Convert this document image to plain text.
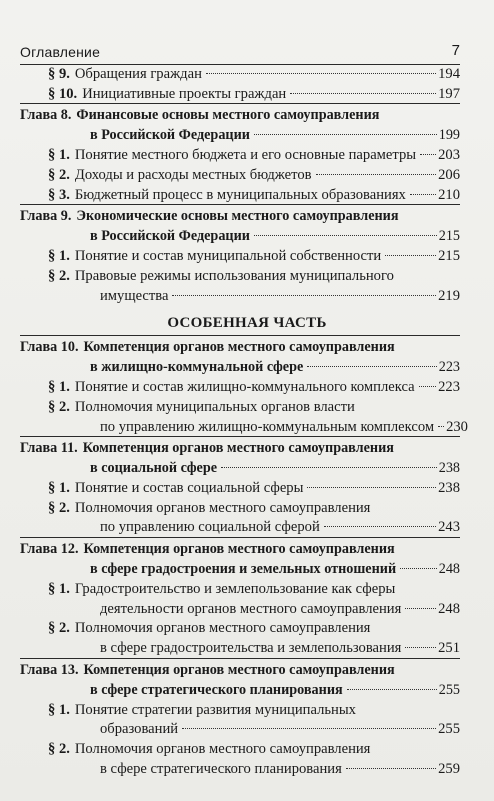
Оглавление	7
ОСОБЕННАЯ ЧАСТЬ
§ 9. Обращения граждан	194
§ 10. Инициативные проекты граждан	197
Глава 8. Финансовые основы местного самоуправления
в Российской Федерации	199
§ 1. Понятие местного бюджета и его основные параметры 203
§ 2. Доходы и расходы местных бюджетов	206
§ 3. Бюджетный процесс в муниципальных образованиях 210
Глава 9. Экономические основы местного самоуправления
в Российской Федерации	215
§ 1. Понятие и состав муниципальной собственности	215
§ 2. Правовые режимы использования муниципального
имущества	219
Глава 10. Компетенция органов местного самоуправления
в жилищно-коммунальной сфере	223
§ 1. Понятие и состав жилищно-коммунального комплекса 223
§ 2. Полномочия муниципальных органов власти
по управлению жилищно-коммунальным комплексом 230
Глава 11. Компетенция органов местного самоуправления
в социальной сфере	238
§ 1. Понятие и состав социальной сферы	238
§ 2. Полномочия органов местного самоуправления
по управлению социальной сферой	243
Глава 12. Компетенция органов местного самоуправления
в сфере градостроения и земельных отношений	248
§ 1. Градостроительство и землепользование как сферы
деятельности органов местного самоуправления	248
§ 2. Полномочия органов местного самоуправления
в сфере градостроительства и землепользования	251
Глава 13. Компетенция органов местного самоуправления
в сфере стратегического планирования	255
§ 1. Понятие стратегии развития муниципальных
образований	255
§ 2. Полномочия органов местного самоуправления
в сфере стратегического планирования	259
